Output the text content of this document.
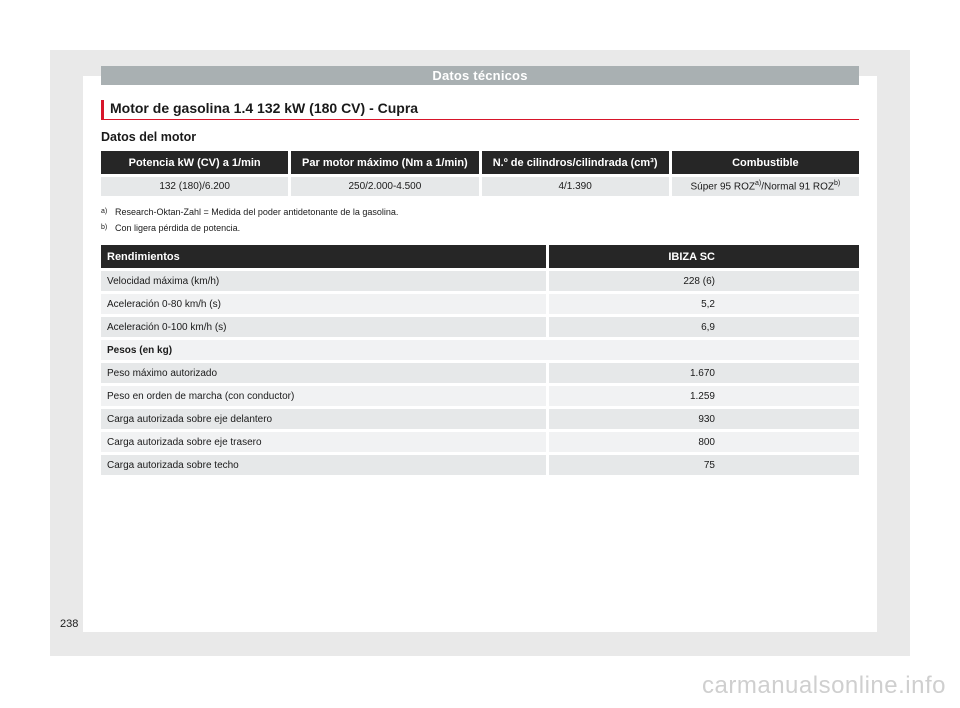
Datos técnicos
Motor de gasolina 1.4 132 kW (180 CV) - Cupra
Datos del motor
Potencia kW (CV) a 1/min	Par motor máximo (Nm a 1/min)	N.º de cilindros/cilindrada (cm³)	Combustible
132 (180)/6.200	250/2.000-4.500	4/1.390	Súper 95 ROZ$^{a)}$/Normal 91 ROZ$^{b)}$
a) Research-Oktan-Zahl = Medida del poder antidetonante de la gasolina.
b) Con ligera pérdida de potencia.
Rendimientos	IBIZA SC
Velocidad máxima (km/h)	228 (6)
Aceleración 0-80 km/h (s)	5,2
Aceleración 0-100 km/h (s)	6,9
Pesos (en kg)	
Peso máximo autorizado	1.670
Peso en orden de marcha (con conductor)	1.259
Carga autorizada sobre eje delantero	930
Carga autorizada sobre eje trasero	800
Carga autorizada sobre techo	75
238
carmanualsonline.info
